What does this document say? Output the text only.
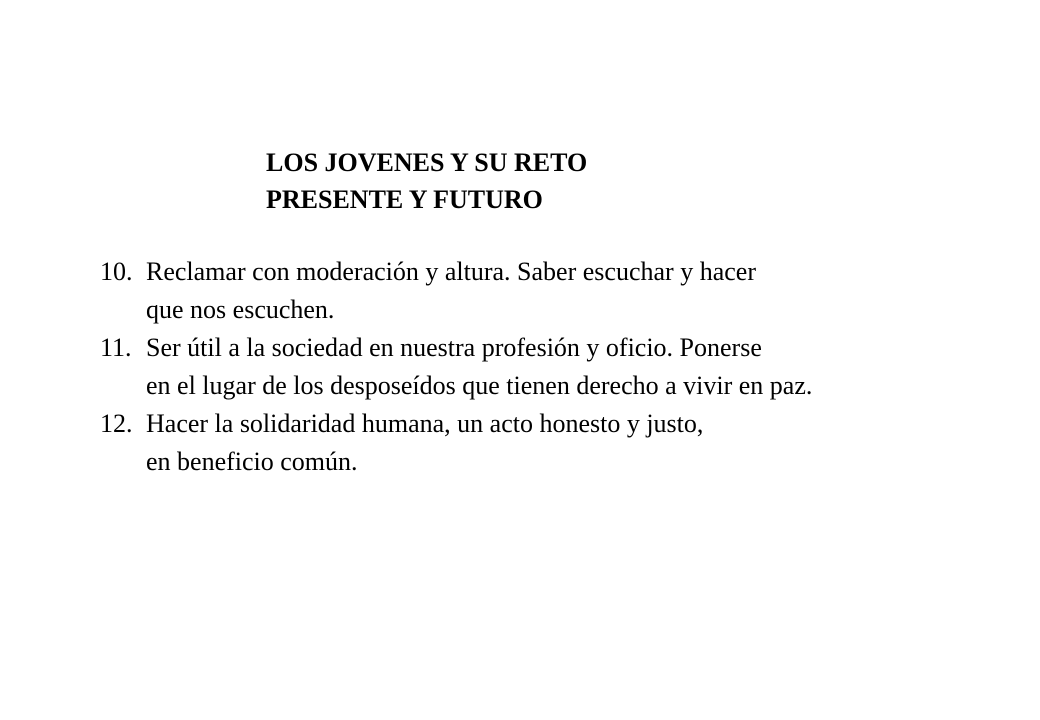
LOS JOVENES Y SU RETO
PRESENTE Y FUTURO
10. Reclamar con moderación y altura. Saber escuchar y hacer
que nos escuchen.
11. Ser útil a la sociedad en nuestra profesión y oficio. Ponerse
en el lugar de los desposeídos que tienen derecho a vivir en paz.
12. Hacer la solidaridad humana, un acto honesto y justo,
en beneficio común.
